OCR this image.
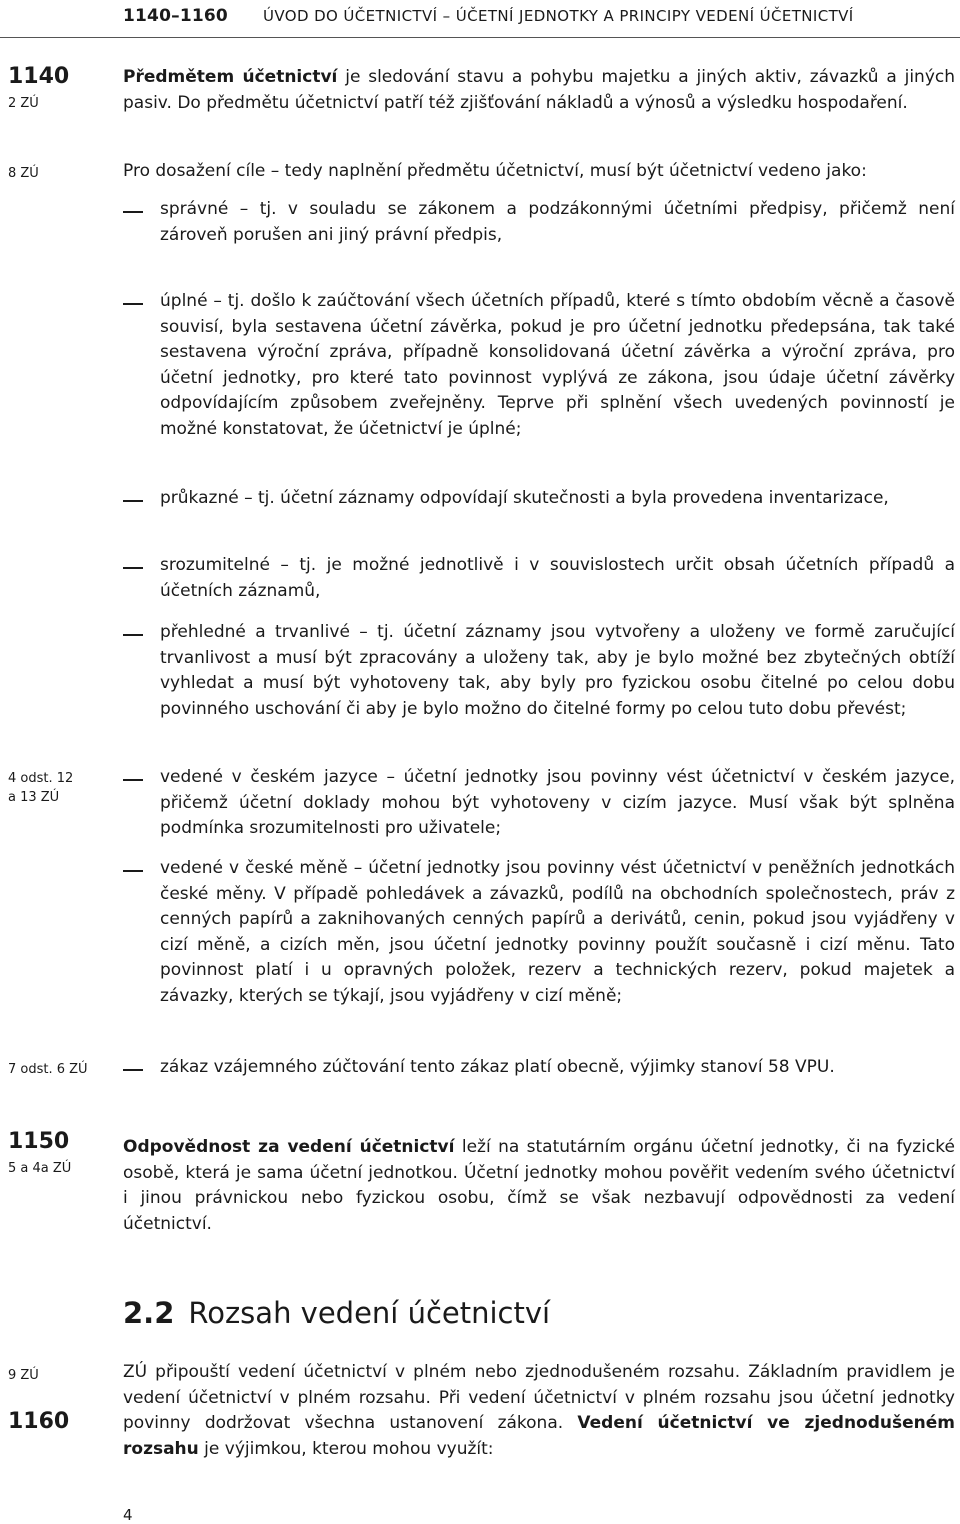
1140–1160 ÚVOD DO ÚČETNICTVÍ – ÚČETNÍ JEDNOTKY A PRINCIPY VEDENÍ ÚČETNICTVÍ
1140
2 ZÚ
8 ZÚ
4 odst. 12
a 13 ZÚ
7 odst. 6 ZÚ
1150
5 a 4a ZÚ
9 ZÚ
1160
Předmětem účetnictví je sledování stavu a pohybu majetku a jiných aktiv, závazků a jiných pasiv. Do předmětu účetnictví patří též zjišťování nákladů a výnosů a výsledku hospodaření.
Pro dosažení cíle – tedy naplnění předmětu účetnictví, musí být účetnictví vedeno jako:
správné – tj. v souladu se zákonem a podzákonnými účetními předpisy, přičemž není zároveň porušen ani jiný právní předpis,
úplné – tj. došlo k zaúčtování všech účetních případů, které s tímto obdobím věcně a časově souvisí, byla sestavena účetní závěrka, pokud je pro účetní jednotku předepsána, tak také sestavena výroční zpráva, případně konsolidovaná účetní závěrka a výroční zpráva, pro účetní jednotky, pro které tato povinnost vyplývá ze zákona, jsou údaje účetní závěrky odpovídajícím způsobem zveřejněny. Teprve při splnění všech uvedených povinností je možné konstatovat, že účetnictví je úplné;
průkazné – tj. účetní záznamy odpovídají skutečnosti a byla provedena inventarizace,
srozumitelné – tj. je možné jednotlivě i v souvislostech určit obsah účetních případů a účetních záznamů,
přehledné a trvanlivé – tj. účetní záznamy jsou vytvořeny a uloženy ve formě zaručující trvanlivost a musí být zpracovány a uloženy tak, aby je bylo možné bez zbytečných obtíží vyhledat a musí být vyhotoveny tak, aby byly pro fyzickou osobu čitelné po celou dobu povinného uschování či aby je bylo možno do čitelné formy po celou tuto dobu převést;
vedené v českém jazyce – účetní jednotky jsou povinny vést účetnictví v českém jazyce, přičemž účetní doklady mohou být vyhotoveny v cizím jazyce. Musí však být splněna podmínka srozumitelnosti pro uživatele;
vedené v české měně – účetní jednotky jsou povinny vést účetnictví v peněžních jednotkách české měny. V případě pohledávek a závazků, podílů na obchodních společnostech, práv z cenných papírů a zaknihovaných cenných papírů a derivátů, cenin, pokud jsou vyjádřeny v cizí měně, a cizích měn, jsou účetní jednotky povinny použít současně i cizí měnu. Tato povinnost platí i u opravných položek, rezerv a technických rezerv, pokud majetek a závazky, kterých se týkají, jsou vyjádřeny v cizí měně;
zákaz vzájemného zúčtování tento zákaz platí obecně, výjimky stanoví 58 VPU.
Odpovědnost za vedení účetnictví leží na statutárním orgánu účetní jednotky, či na fyzické osobě, která je sama účetní jednotkou. Účetní jednotky mohou pověřit vedením svého účetnictví i jinou právnickou nebo fyzickou osobu, čímž se však nezbavují odpovědnosti za vedení účetnictví.
2.2 Rozsah vedení účetnictví
ZÚ připouští vedení účetnictví v plném nebo zjednodušeném rozsahu. Základním pravidlem je vedení účetnictví v plném rozsahu. Při vedení účetnictví v plném rozsahu jsou účetní jednotky povinny dodržovat všechna ustanovení zákona. Vedení účetnictví ve zjednodušeném rozsahu je výjimkou, kterou mohou využít:
4
